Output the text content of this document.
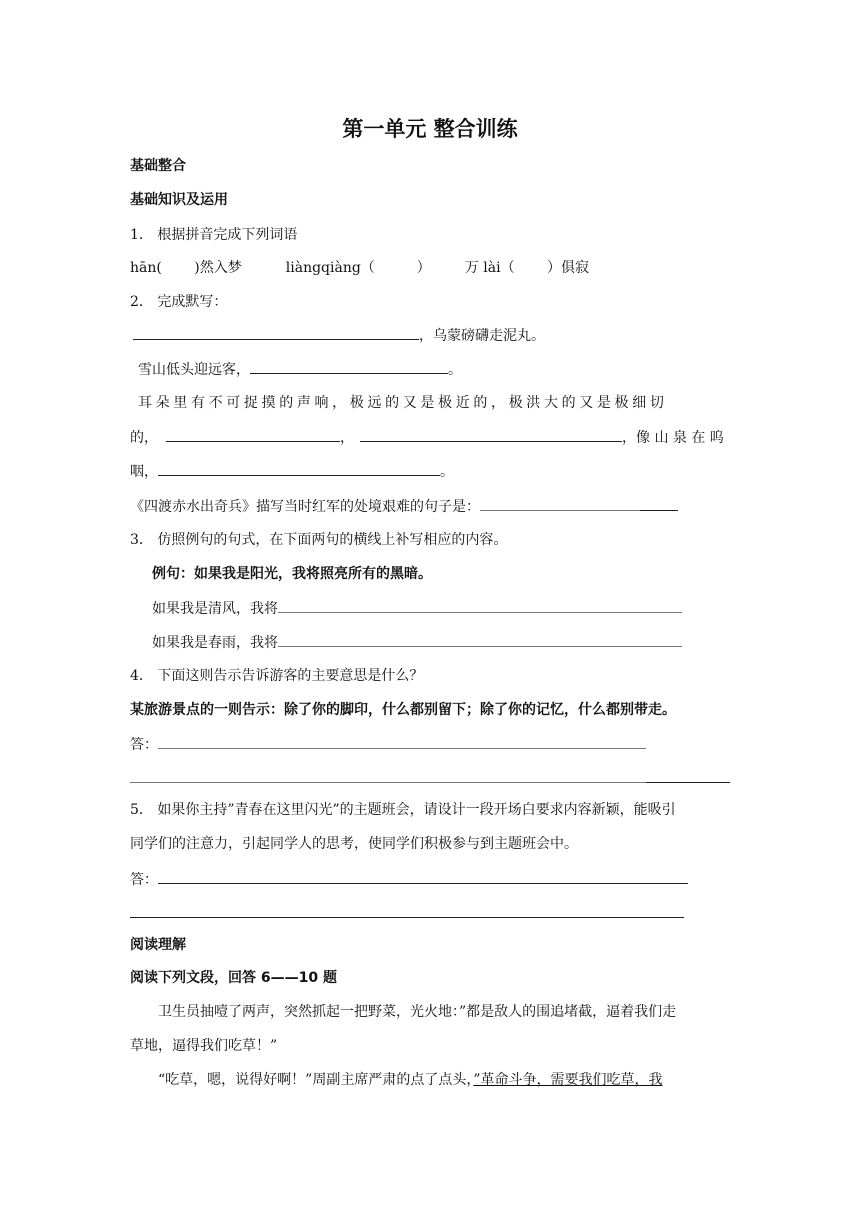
第一单元 整合训练
基础整合
基础知识及运用
1． 根据拼音完成下列词语
hān(　　 )然入梦	liàngqiàng（　　　） 万 lài（　　 ）俱寂
2． 完成默写：
，乌蒙磅礴走泥丸。
雪山低头迎远客，	。
耳 朵 里 有 不 可 捉 摸 的 声 响 ， 极 远 的 又 是 极 近 的 ， 极 洪 大 的 又 是 极 细 切
的，	，	，像 山 泉 在 呜
咽，	。
《四渡赤水出奇兵》描写当时红军的处境艰难的句子是：
3． 仿照例句的句式，在下面两句的横线上补写相应的内容。
例句：如果我是阳光，我将照亮所有的黑暗。
如果我是清风，我将
如果我是春雨，我将
4． 下面这则告示告诉游客的主要意思是什么？
某旅游景点的一则告示：除了你的脚印，什么都别留下；除了你的记忆，什么都别带走。
答：
5． 如果你主持”青春在这里闪光”的主题班会，请设计一段开场白要求内容新颖，能吸引
同学们的注意力，引起同学人的思考，使同学们积极参与到主题班会中。
答：
阅读理解
阅读下列文段，回答 6——10 题
卫生员抽噎了两声，突然抓起一把野菜，光火地：”都是敌人的围追堵截，逼着我们走
草地，逼得我们吃草！”
“吃草，嗯，说得好啊！”周副主席严肃的点了点头，”革命斗争，需要我们吃草，我
